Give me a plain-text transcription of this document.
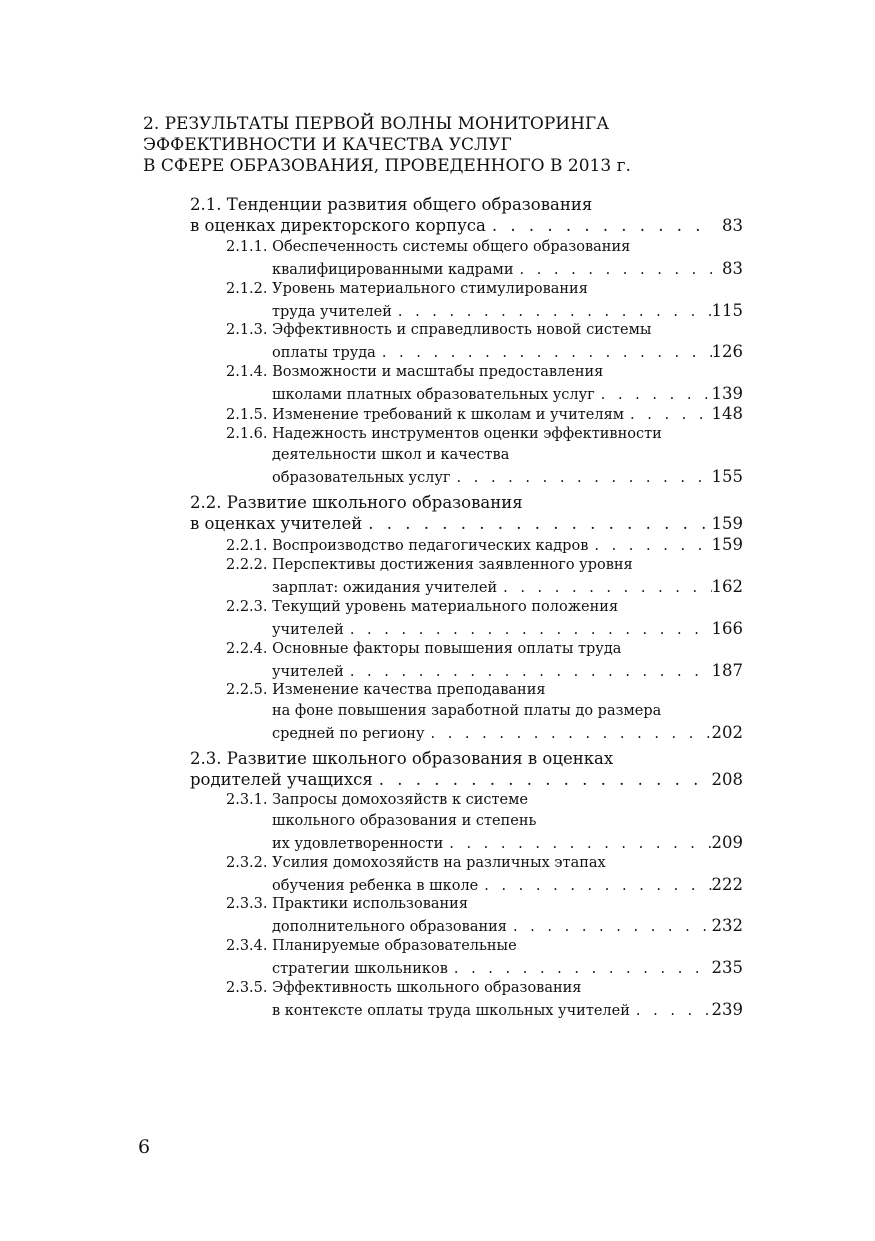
2. РЕЗУЛЬТАТЫ ПЕРВОЙ ВОЛНЫ МОНИТОРИНГА
ЭФФЕКТИВНОСТИ И КАЧЕСТВА УСЛУГ
В СФЕРЕ ОБРАЗОВАНИЯ, ПРОВЕДЕННОГО В 2013 г.
2.1. Тенденции развития общего образования
в оценках директорского корпуса . . .	83
2.1.1. Обеспеченность системы общего образования
квалифицированными кадрами . . .	83
2.1.2. Уровень материального стимулирования
труда учителей . . .	115
2.1.3. Эффективность и справедливость новой системы
оплаты труда . . .	126
2.1.4. Возможности и масштабы предоставления
школами платных образовательных услуг . . .	139
2.1.5. Изменение требований к школам и учителям . . .	148
2.1.6. Надежность инструментов оценки эффективности
деятельности школ и качества
образовательных услуг . . .	155
2.2. Развитие школьного образования
в оценках учителей . . .	159
2.2.1. Воспроизводство педагогических кадров . . .	159
2.2.2. Перспективы достижения заявленного уровня
зарплат: ожидания учителей . . .	162
2.2.3. Текущий уровень материального положения
учителей . . .	166
2.2.4. Основные факторы повышения оплаты труда
учителей . . .	187
2.2.5. Изменение качества преподавания
на фоне повышения заработной платы до размера
средней по региону . . .	202
2.3. Развитие школьного образования в оценках
родителей учащихся . . .	208
2.3.1. Запросы домохозяйств к системе
школьного образования и степень
их удовлетворенности . . .	209
2.3.2. Усилия домохозяйств на различных этапах
обучения ребенка в школе . . .	222
2.3.3. Практики использования
дополнительного образования . . .	232
2.3.4. Планируемые образовательные
стратегии школьников . . .	235
2.3.5. Эффективность школьного образования
в контексте оплаты труда школьных учителей . . .	239
6
